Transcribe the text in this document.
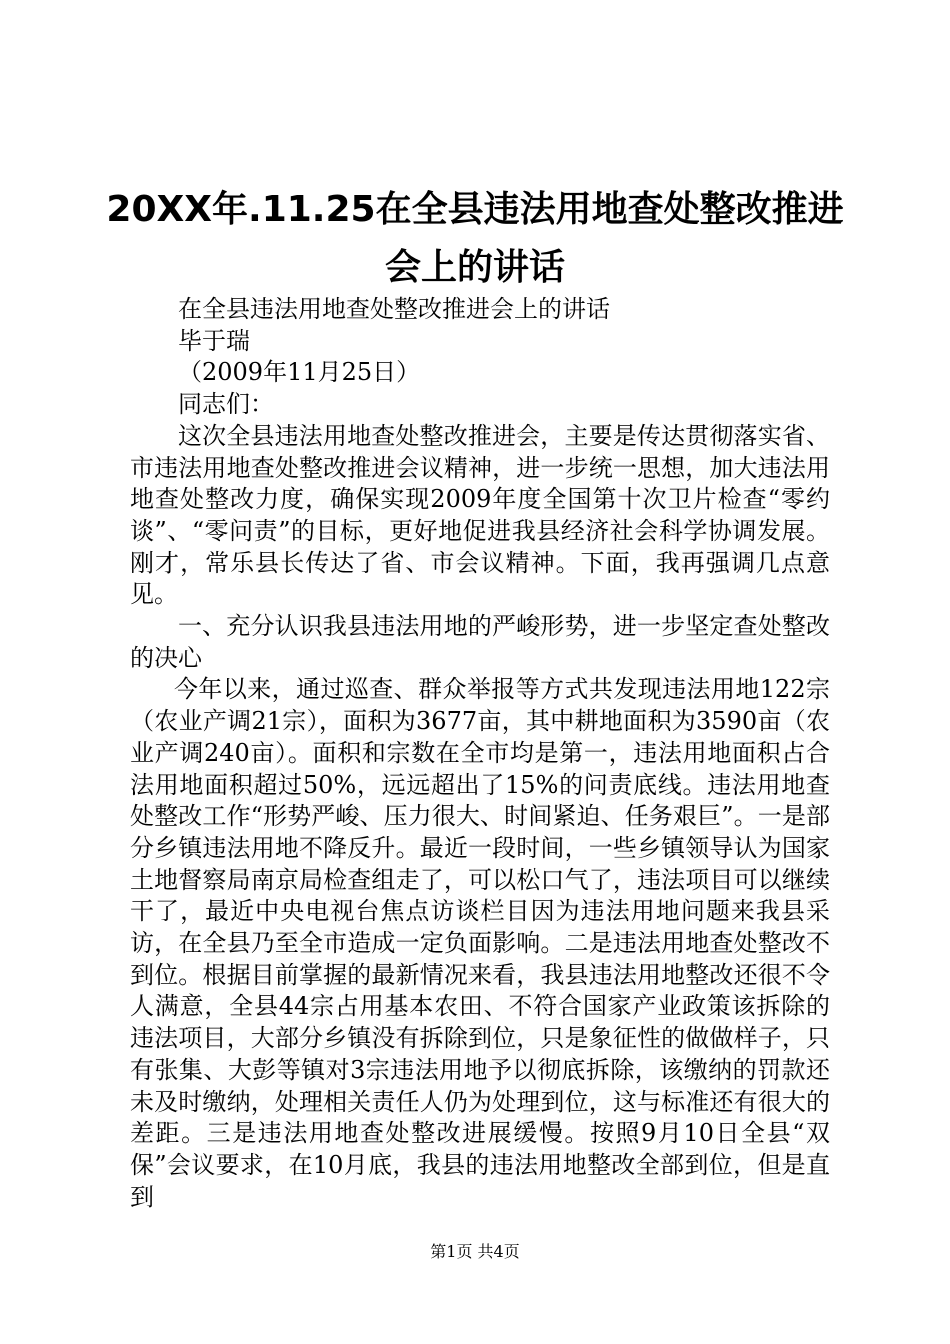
20XX年.11.25在全县违法用地查处整改推进
会上的讲话

在全县违法用地查处整改推进会上的讲话

毕于瑞

（2009年11月25日）

同志们：

这次全县违法用地查处整改推进会，主要是传达贯彻落实省、市违法用地查处整改推进会议精神，进一步统一思想，加大违法用地查处整改力度，确保实现2009年度全国第十次卫片检查“零约谈”、“零问责”的目标，更好地促进我县经济社会科学协调发展。刚才，常乐县长传达了省、市会议精神。下面，我再强调几点意见。

一、充分认识我县违法用地的严峻形势，进一步坚定查处整改的决心

今年以来，通过巡查、群众举报等方式共发现违法用地122宗（农业产调21宗），面积为3677亩，其中耕地面积为3590亩（农业产调240亩）。面积和宗数在全市均是第一，违法用地面积占合法用地面积超过50%，远远超出了15%的问责底线。违法用地查处整改工作“形势严峻、压力很大、时间紧迫、任务艰巨”。一是部分乡镇违法用地不降反升。最近一段时间，一些乡镇领导认为国家土地督察局南京局检查组走了，可以松口气了，违法项目可以继续干了，最近中央电视台焦点访谈栏目因为违法用地问题来我县采访，在全县乃至全市造成一定负面影响。二是违法用地查处整改不到位。根据目前掌握的最新情况来看，我县违法用地整改还很不令人满意，全县44宗占用基本农田、不符合国家产业政策该拆除的违法项目，大部分乡镇没有拆除到位，只是象征性的做做样子，只有张集、大彭等镇对3宗违法用地予以彻底拆除，该缴纳的罚款还未及时缴纳，处理相关责任人仍为处理到位，这与标准还有很大的差距。三是违法用地查处整改进展缓慢。按照9月10日全县“双保”会议要求，在10月底，我县的违法用地整改全部到位，但是直到

第1页 共4页
